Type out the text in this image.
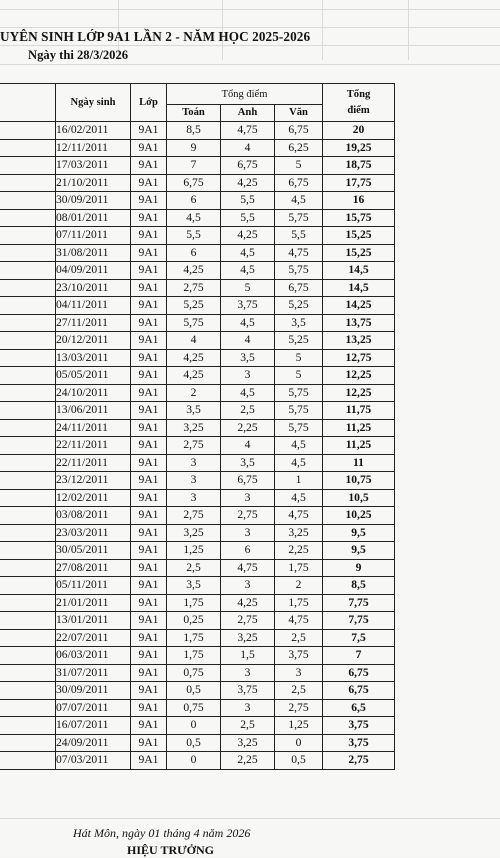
UYÊN SINH LỚP 9A1 LẦN 2 - NĂM HỌC 2025-2026
Ngày thi 28/3/2026
	Ngày sinh	Lớp	Tổng điểm			Tổng
điểm

			Toán	Anh	Văn	
	16/02/2011	9A1	8,5	4,75	6,75	20
	12/11/2011	9A1	9	4	6,25	19,25
	17/03/2011	9A1	7	6,75	5	18,75
	21/10/2011	9A1	6,75	4,25	6,75	17,75
	30/09/2011	9A1	6	5,5	4,5	16
	08/01/2011	9A1	4,5	5,5	5,75	15,75
	07/11/2011	9A1	5,5	4,25	5,5	15,25
	31/08/2011	9A1	6	4,5	4,75	15,25
	04/09/2011	9A1	4,25	4,5	5,75	14,5
	23/10/2011	9A1	2,75	5	6,75	14,5
	04/11/2011	9A1	5,25	3,75	5,25	14,25
	27/11/2011	9A1	5,75	4,5	3,5	13,75
	20/12/2011	9A1	4	4	5,25	13,25
	13/03/2011	9A1	4,25	3,5	5	12,75
	05/05/2011	9A1	4,25	3	5	12,25
	24/10/2011	9A1	2	4,5	5,75	12,25
	13/06/2011	9A1	3,5	2,5	5,75	11,75
	24/11/2011	9A1	3,25	2,25	5,75	11,25
	22/11/2011	9A1	2,75	4	4,5	11,25
	22/11/2011	9A1	3	3,5	4,5	11
	23/12/2011	9A1	3	6,75	1	10,75
	12/02/2011	9A1	3	3	4,5	10,5
	03/08/2011	9A1	2,75	2,75	4,75	10,25
	23/03/2011	9A1	3,25	3	3,25	9,5
	30/05/2011	9A1	1,25	6	2,25	9,5
	27/08/2011	9A1	2,5	4,75	1,75	9
	05/11/2011	9A1	3,5	3	2	8,5
	21/01/2011	9A1	1,75	4,25	1,75	7,75
	13/01/2011	9A1	0,25	2,75	4,75	7,75
	22/07/2011	9A1	1,75	3,25	2,5	7,5
	06/03/2011	9A1	1,75	1,5	3,75	7
	31/07/2011	9A1	0,75	3	3	6,75
	30/09/2011	9A1	0,5	3,75	2,5	6,75
	07/07/2011	9A1	0,75	3	2,75	6,5
	16/07/2011	9A1	0	2,5	1,25	3,75
	24/09/2011	9A1	0,5	3,25	0	3,75
	07/03/2011	9A1	0	2,25	0,5	2,75
Hát Môn, ngày 01 tháng 4 năm 2026
HIỆU TRƯỞNG
